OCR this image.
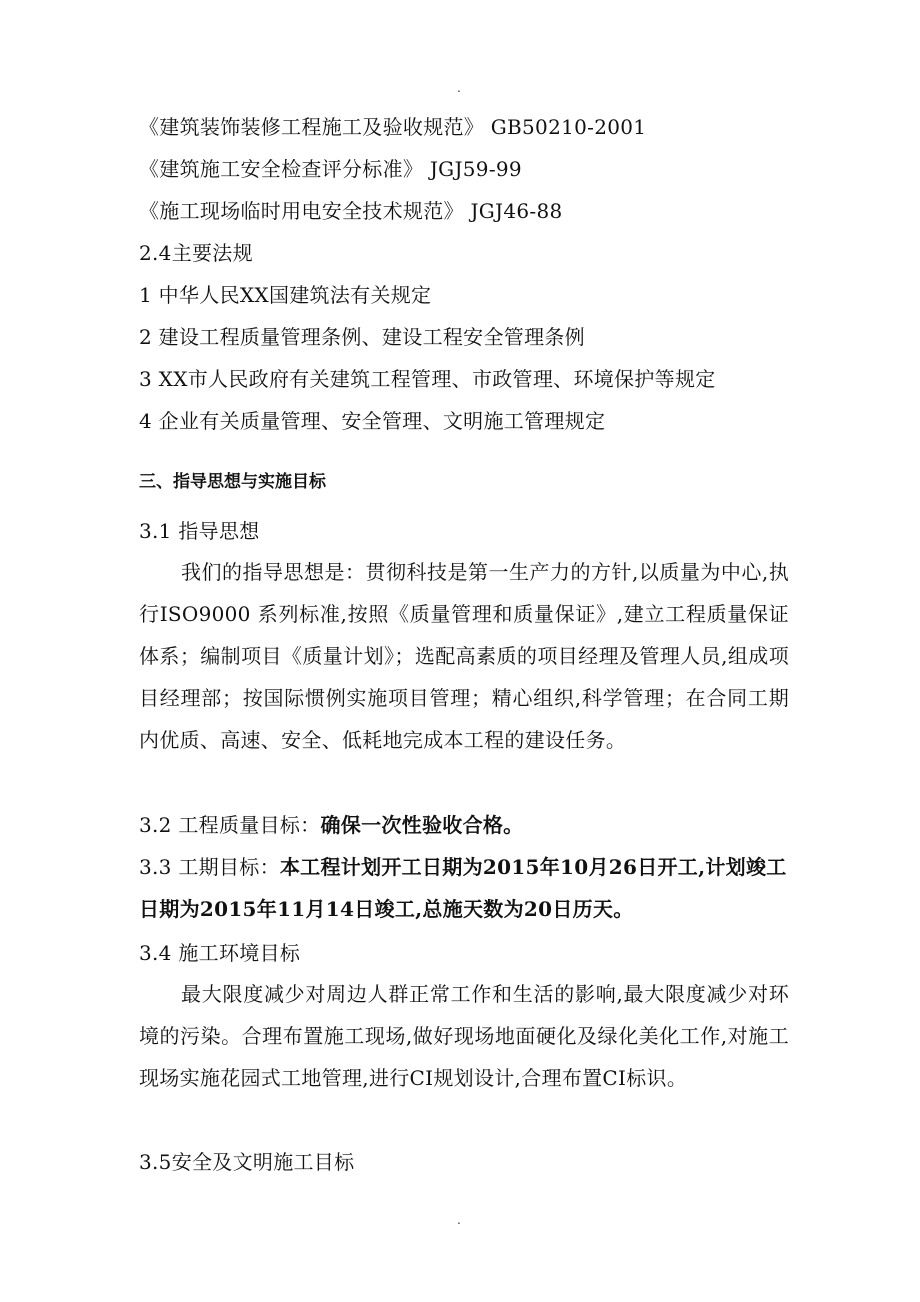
.
《建筑装饰装修工程施工及验收规范》 GB50210-2001
《建筑施工安全检查评分标准》 JGJ59-99
《施工现场临时用电安全技术规范》 JGJ46-88
2.4主要法规
1 中华人民XX国建筑法有关规定
2 建设工程质量管理条例、建设工程安全管理条例
3 XX市人民政府有关建筑工程管理、市政管理、环境保护等规定
4 企业有关质量管理、安全管理、文明施工管理规定
三、指导思想与实施目标
3.1 指导思想
我们的指导思想是：贯彻科技是第一生产力的方针,以质量为中心,执行ISO9000 系列标准,按照《质量管理和质量保证》,建立工程质量保证体系；编制项目《质量计划》；选配高素质的项目经理及管理人员,组成项目经理部；按国际惯例实施项目管理；精心组织,科学管理；在合同工期内优质、高速、安全、低耗地完成本工程的建设任务。
3.2 工程质量目标：确保一次性验收合格。
3.3 工期目标：本工程计划开工日期为2015年10月26日开工,计划竣工日期为2015年11月14日竣工,总施天数为20日历天。
3.4 施工环境目标
最大限度减少对周边人群正常工作和生活的影响,最大限度减少对环境的污染。合理布置施工现场,做好现场地面硬化及绿化美化工作,对施工现场实施花园式工地管理,进行CI规划设计,合理布置CI标识。
3.5安全及文明施工目标
.
